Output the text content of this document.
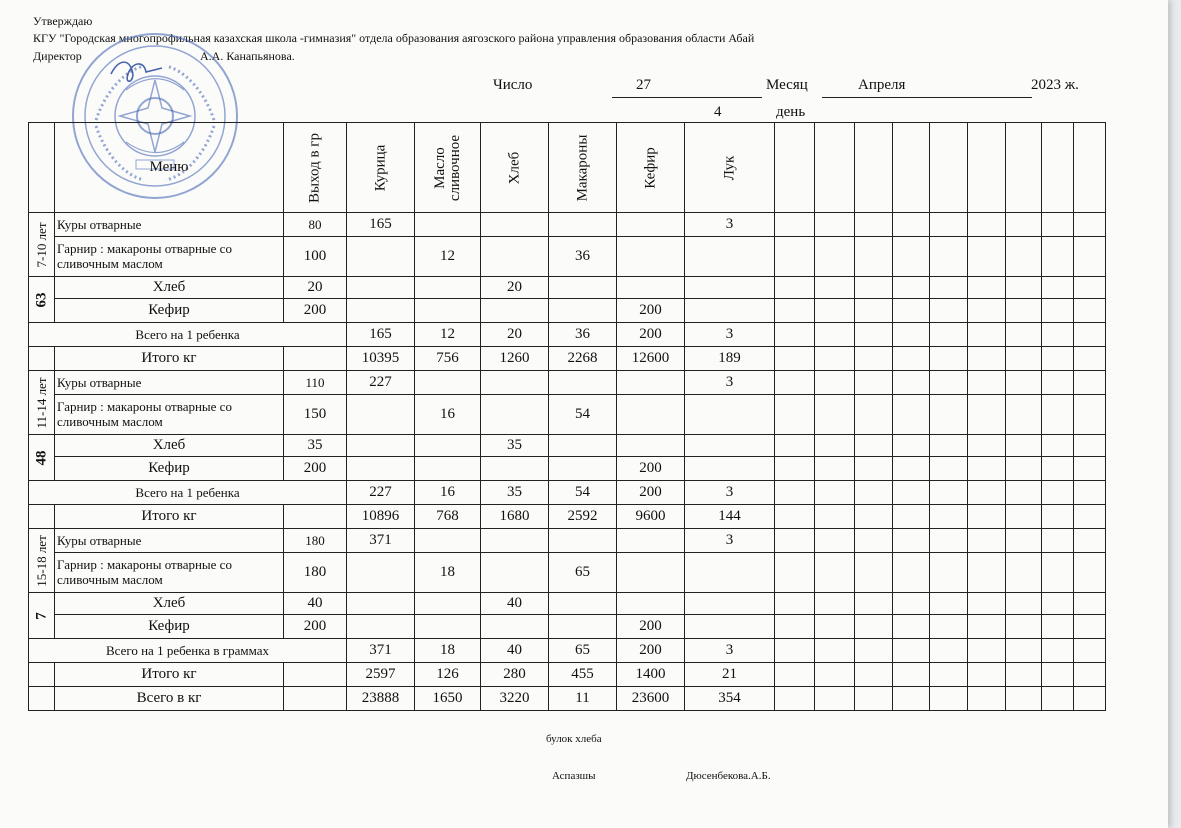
Утверждаю
КГУ "Городская многопрофильная казахская школа -гимназия" отдела образования аягозского района управления образования области Абай
Директор	А.А. Канапьянова.
Число	27	Месяц	Апреля	2023 ж.
4	день
	Меню	Выход в гр	Курица	Масло сливочное	Хлеб	Макароны	Кефир	Лук									

7-10 лет	Куры отварные	80	165					3									
	Гарнир : макароны отварные со сливочным маслом	100		12		36											

63	Хлеб	20			20												
	Кефир	200					200										
Всего на 1 ребенка			165	12	20	36	200	3									
	Итого кг		10395	756	1260	2268	12600	189									

11-14 лет	Куры отварные	110	227					3									
	Гарнир : макароны отварные со сливочным маслом	150		16		54											

48	Хлеб	35			35												
	Кефир	200					200										
Всего на 1 ребенка			227	16	35	54	200	3									
	Итого кг		10896	768	1680	2592	9600	144									

15-18 лет	Куры отварные	180	371					3									
	Гарнир : макароны отварные со сливочным маслом	180		18		65											

7	Хлеб	40			40												
	Кефир	200					200										
Всего на 1 ребенка в граммах			371	18	40	65	200	3									
	Итого кг		2597	126	280	455	1400	21									
	Всего в кг		23888	1650	3220	11	23600	354									
булок хлеба
Аспазшы	Дюсенбекова.А.Б.
